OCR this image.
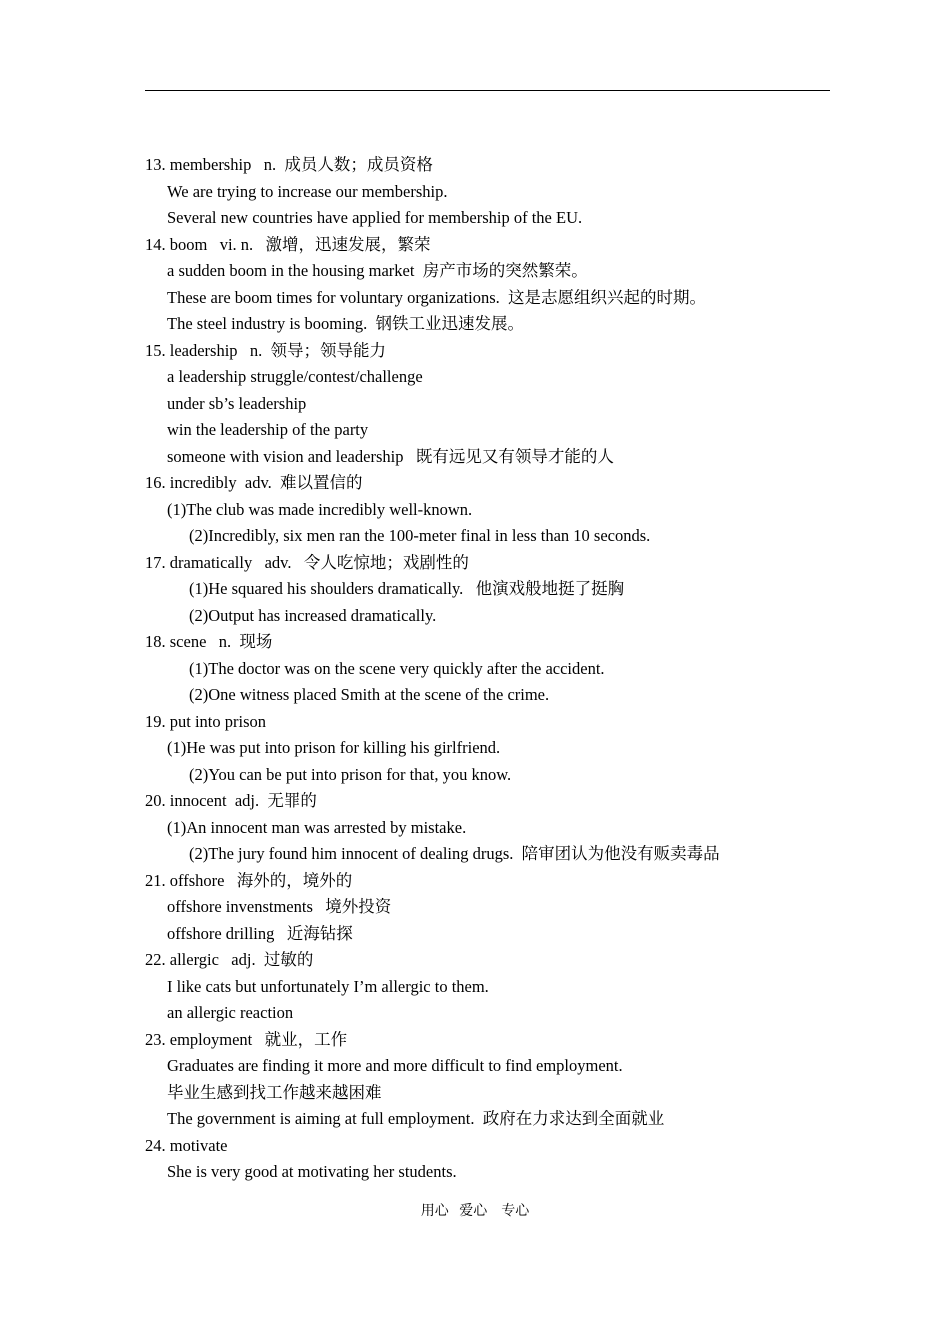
13. membership   n.  成员人数；成员资格
We are trying to increase our membership.
Several new countries have applied for membership of the EU.
14. boom   vi. n.   激增，迅速发展，繁荣
a sudden boom in the housing market  房产市场的突然繁荣。
These are boom times for voluntary organizations.  这是志愿组织兴起的时期。
The steel industry is booming.  钢铁工业迅速发展。
15. leadership   n.  领导；领导能力
a leadership struggle/contest/challenge
under sb’s leadership
win the leadership of the party
someone with vision and leadership   既有远见又有领导才能的人
16. incredibly  adv.  难以置信的
(1)The club was made incredibly well-known.
(2)Incredibly, six men ran the 100-meter final in less than 10 seconds.
17. dramatically   adv.   令人吃惊地；戏剧性的
(1)He squared his shoulders dramatically.   他演戏般地挺了挺胸
(2)Output has increased dramatically.
18. scene   n.  现场
(1)The doctor was on the scene very quickly after the accident.
(2)One witness placed Smith at the scene of the crime.
19. put into prison
(1)He was put into prison for killing his girlfriend.
(2)You can be put into prison for that, you know.
20. innocent  adj.  无罪的
(1)An innocent man was arrested by mistake.
(2)The jury found him innocent of dealing drugs.  陪审团认为他没有贩卖毒品
21. offshore   海外的，境外的
offshore invenstments   境外投资
offshore drilling   近海钻探
22. allergic   adj.  过敏的
I like cats but unfortunately I’m allergic to them.
an allergic reaction
23. employment   就业，工作
Graduates are finding it more and more difficult to find employment.
毕业生感到找工作越来越困难
The government is aiming at full employment.  政府在力求达到全面就业
24. motivate
She is very good at motivating her students.
用心   爱心    专心
